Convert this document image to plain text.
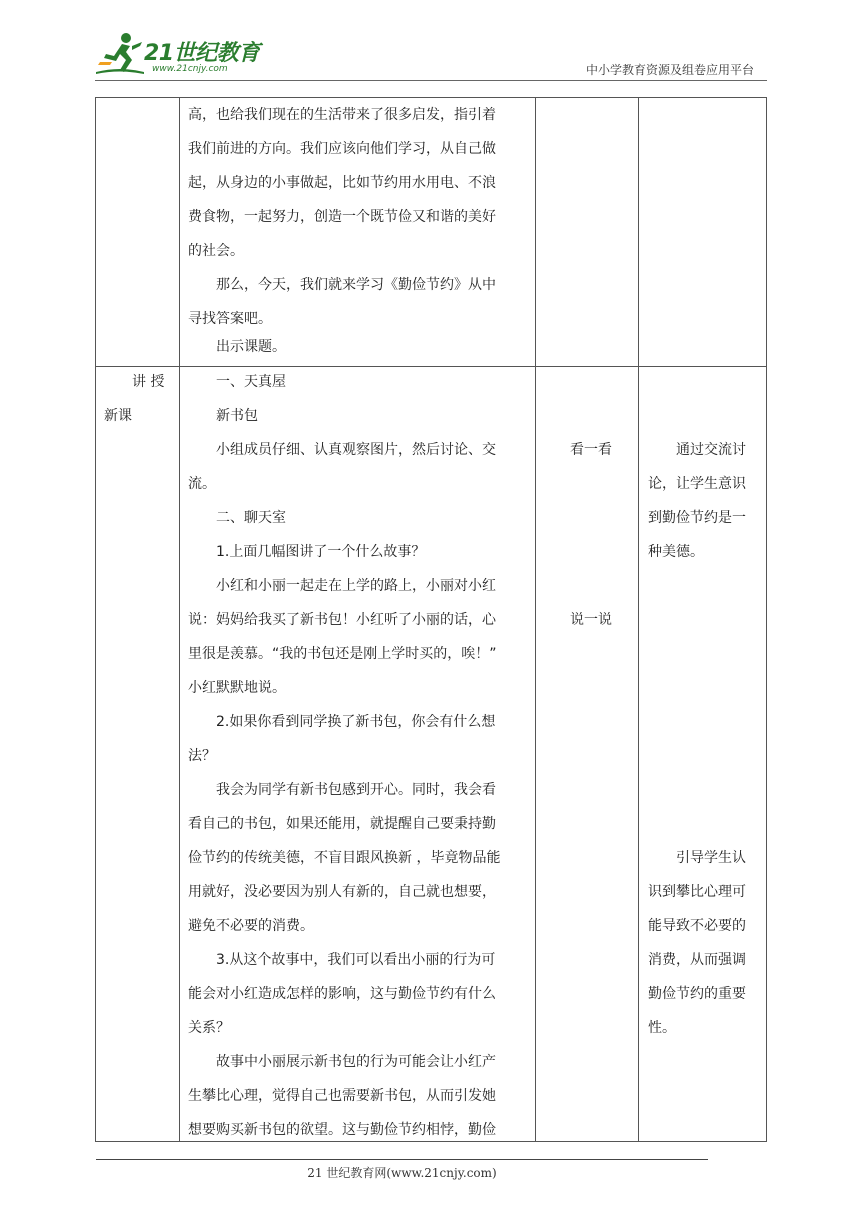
21世纪教育
www.21cnjy.com	中小学教育资源及组卷应用平台
高，也给我们现在的生活带来了很多启发，指引着
我们前进的方向。我们应该向他们学习，从自己做
起，从身边的小事做起，比如节约用水用电、不浪
费食物，一起努力，创造一个既节俭又和谐的美好
的社会。
那么，今天，我们就来学习《勤俭节约》从中
寻找答案吧。
出示课题。
讲 授
新课
一、天真屋
新书包
小组成员仔细、认真观察图片，然后讨论、交
流。
二、聊天室
1.上面几幅图讲了一个什么故事？
小红和小丽一起走在上学的路上，小丽对小红
说：妈妈给我买了新书包！小红听了小丽的话，心
里很是羡慕。“我的书包还是刚上学时买的，唉！”
小红默默地说。
2.如果你看到同学换了新书包，你会有什么想
法？
我会为同学有新书包感到开心。同时，我会看
看自己的书包，如果还能用，就提醒自己要秉持勤
俭节约的传统美德，不盲目跟风换新 ，毕竟物品能
用就好，没必要因为别人有新的，自己就也想要，
避免不必要的消费。
3.从这个故事中，我们可以看出小丽的行为可
能会对小红造成怎样的影响，这与勤俭节约有什么
关系？
故事中小丽展示新书包的行为可能会让小红产
生攀比心理，觉得自己也需要新书包，从而引发她
想要购买新书包的欲望。这与勤俭节约相悖，勤俭
看一看
说一说
通过交流讨
论，让学生意识
到勤俭节约是一
种美德。
引导学生认
识到攀比心理可
能导致不必要的
消费，从而强调
勤俭节约的重要
性。
21 世纪教育网(www.21cnjy.com)
